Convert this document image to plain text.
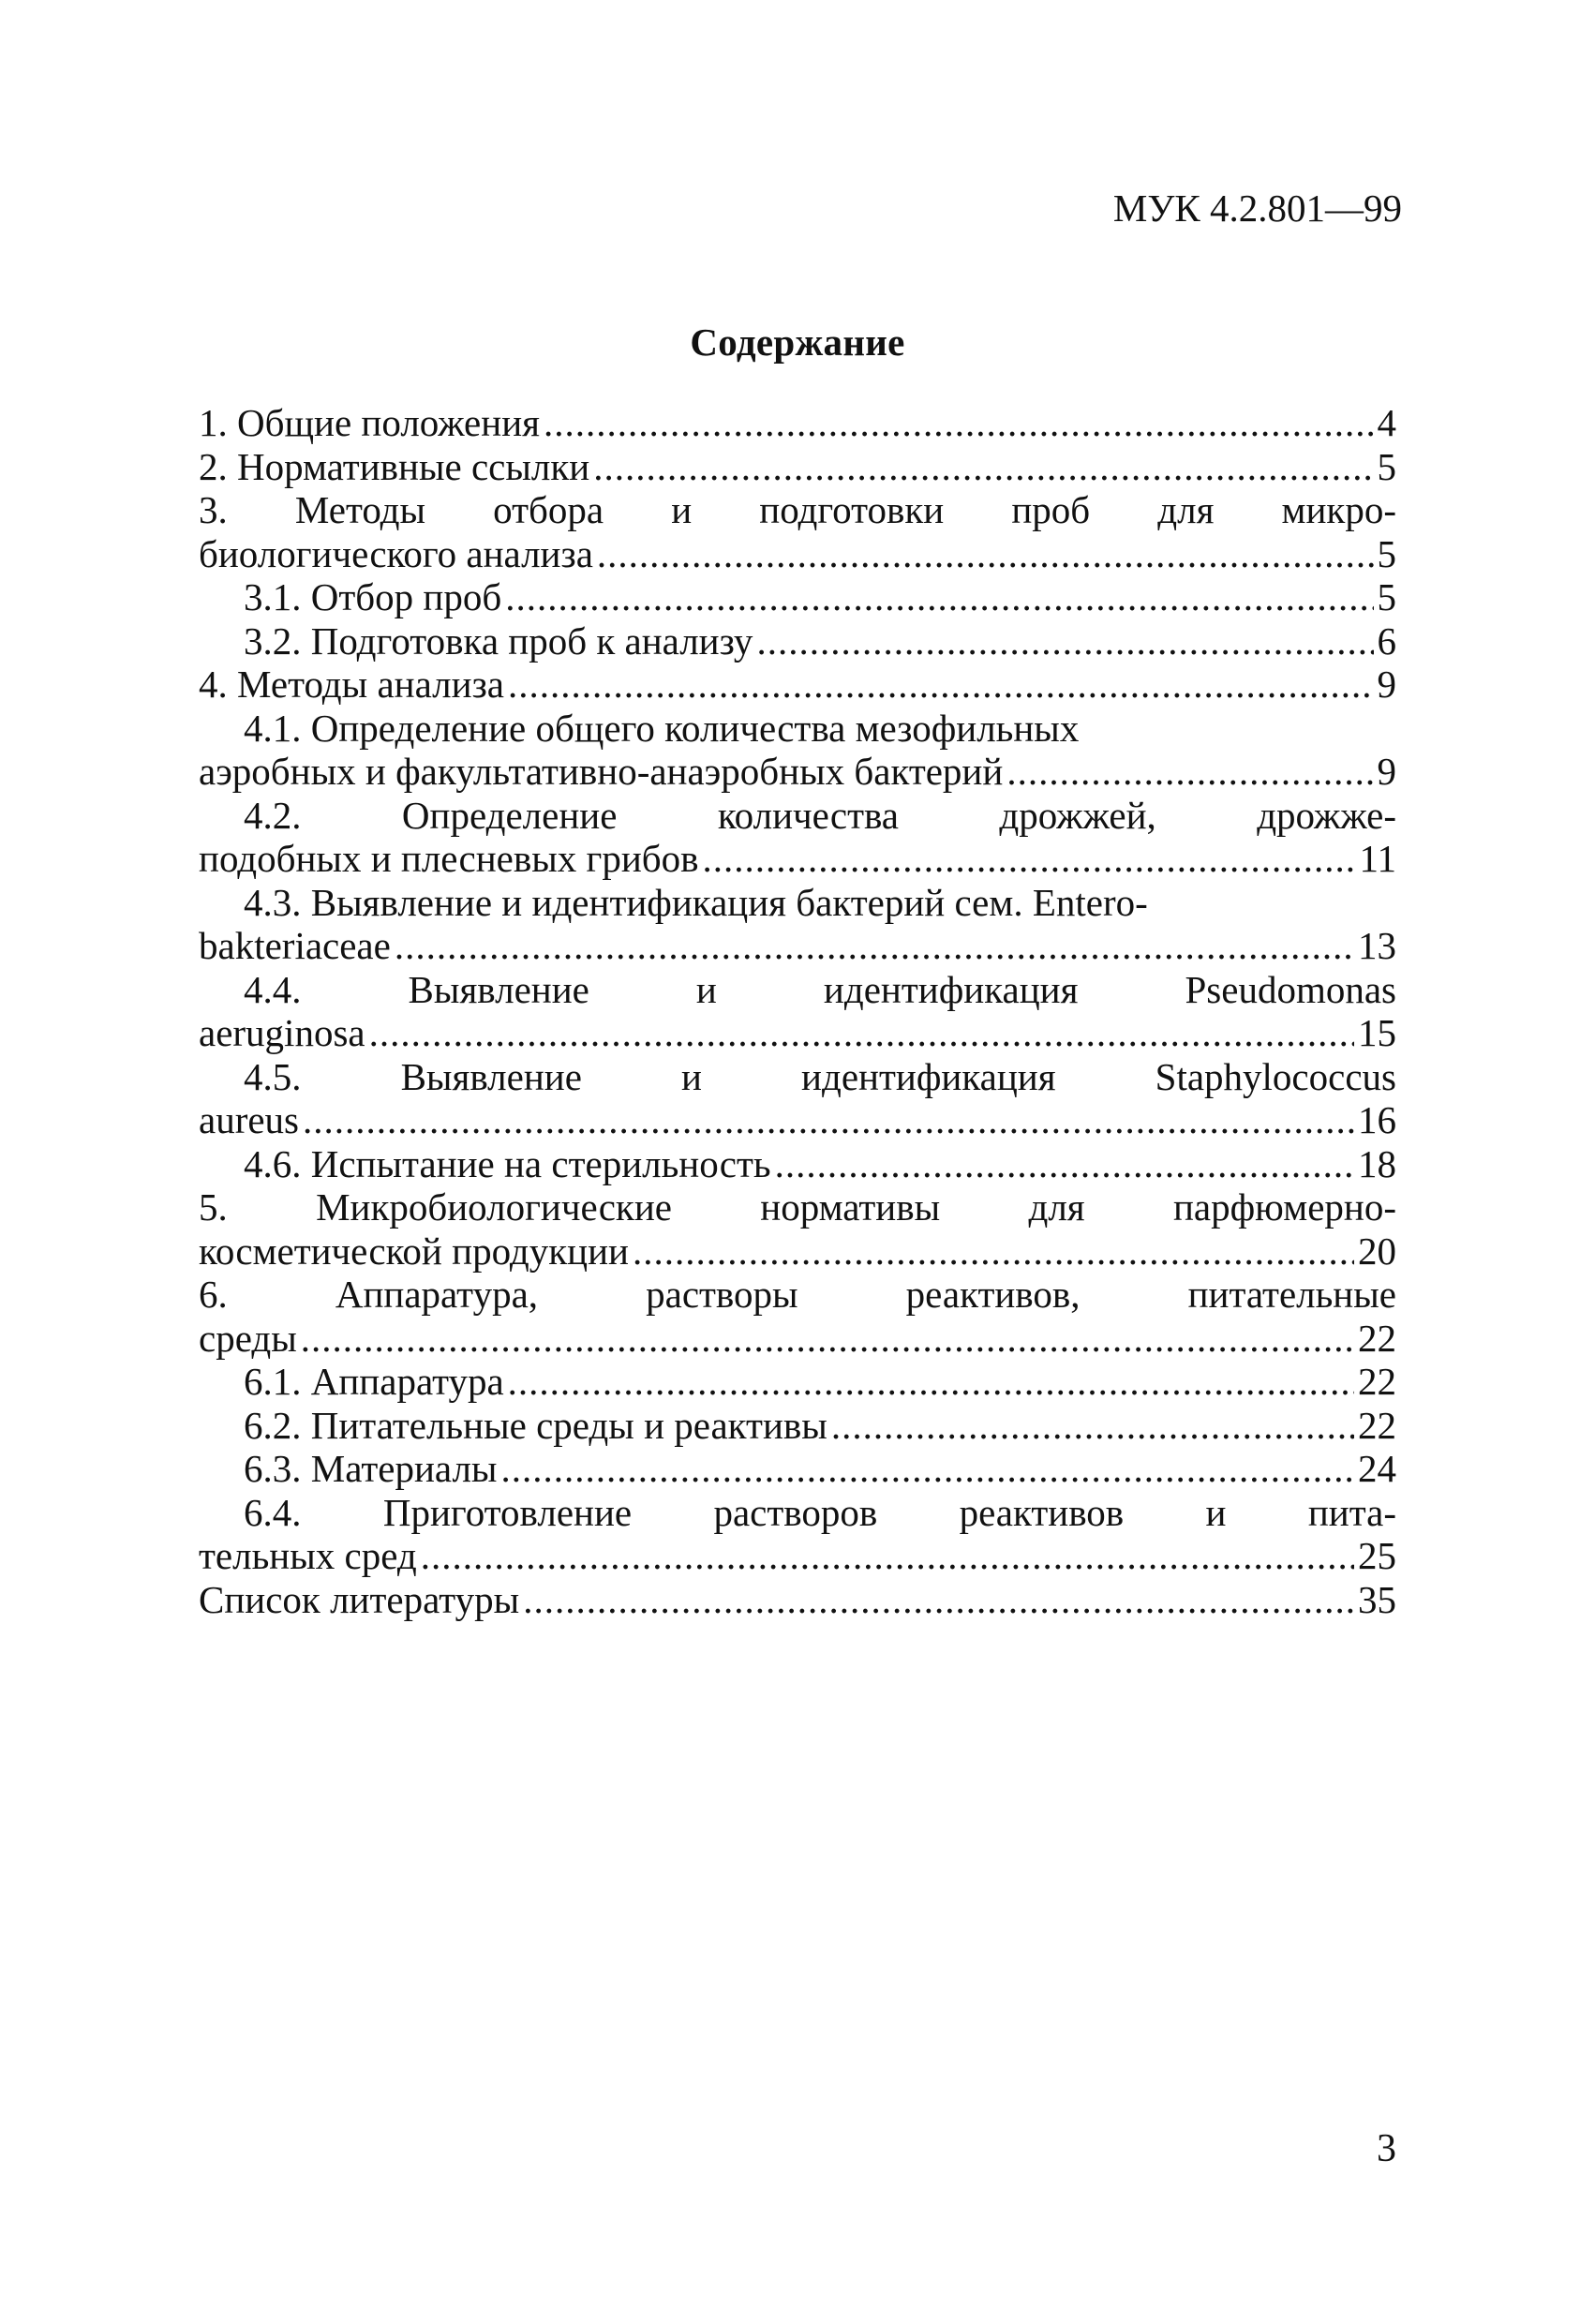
МУК 4.2.801—99
Содержание
1. Общие положения .....	4
2. Нормативные ссылки .....	5
3. Методы отбора и подготовки проб для микро-
биологического анализа .....	5
3.1. Отбор проб .....	5
3.2. Подготовка проб к анализу .....	6
4. Методы анализа .....	9
4.1. Определение общего количества мезофильных
аэробных и факультативно-анаэробных бактерий .....	9
4.2. Определение количества дрожжей, дрожже-
подобных и плесневых грибов .....	11
4.3. Выявление и идентификация бактерий сем. Entero-
bakteriaceae .....	13
4.4. Выявление и идентификация Pseudomonas
aeruginosa .....	15
4.5. Выявление и идентификация Staphylococcus
aureus .....	16
4.6. Испытание на стерильность .....	18
5. Микробиологические нормативы для парфюмерно-
косметической продукции .....	20
6. Аппаратура, растворы реактивов, питательные
среды .....	22
6.1. Аппаратура .....	22
6.2. Питательные среды и реактивы .....	22
6.3. Материалы .....	24
6.4. Приготовление растворов реактивов и пита-
тельных сред .....	25
Список литературы .....	35
3
